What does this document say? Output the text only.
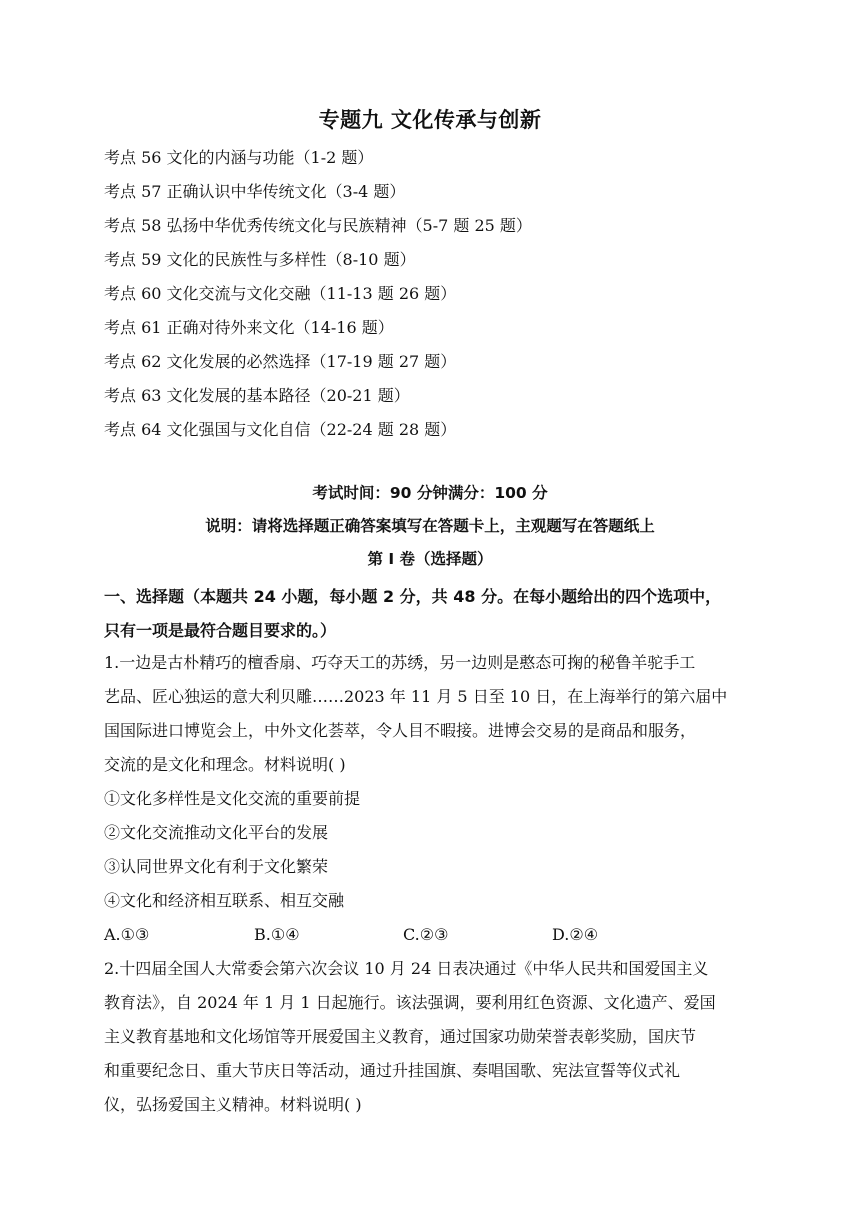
专题九 文化传承与创新
考点 56 文化的内涵与功能（1-2 题）
考点 57 正确认识中华传统文化（3-4 题）
考点 58 弘扬中华优秀传统文化与民族精神（5-7 题 25 题）
考点 59 文化的民族性与多样性（8-10 题）
考点 60 文化交流与文化交融（11-13 题 26 题）
考点 61 正确对待外来文化（14-16 题）
考点 62 文化发展的必然选择（17-19 题 27 题）
考点 63 文化发展的基本路径（20-21 题）
考点 64 文化强国与文化自信（22-24 题 28 题）
考试时间：90 分钟满分：100 分
说明：请将选择题正确答案填写在答题卡上，主观题写在答题纸上
第 I 卷（选择题）
一、选择题（本题共 24 小题，每小题 2 分，共 48 分。在每小题给出的四个选项中，
只有一项是最符合题目要求的。）
1.一边是古朴精巧的檀香扇、巧夺天工的苏绣，另一边则是憨态可掬的秘鲁羊驼手工
艺品、匠心独运的意大利贝雕……2023 年 11 月 5 日至 10 日，在上海举行的第六届中
国国际进口博览会上，中外文化荟萃，令人目不暇接。进博会交易的是商品和服务，
交流的是文化和理念。材料说明( )
①文化多样性是文化交流的重要前提
②文化交流推动文化平台的发展
③认同世界文化有利于文化繁荣
④文化和经济相互联系、相互交融
A.①③	B.①④	C.②③	D.②④
2.十四届全国人大常委会第六次会议 10 月 24 日表决通过《中华人民共和国爱国主义
教育法》，自 2024 年 1 月 1 日起施行。该法强调，要利用红色资源、文化遗产、爱国
主义教育基地和文化场馆等开展爱国主义教育，通过国家功勋荣誉表彰奖励，国庆节
和重要纪念日、重大节庆日等活动，通过升挂国旗、奏唱国歌、宪法宣誓等仪式礼
仪，弘扬爱国主义精神。材料说明( )
